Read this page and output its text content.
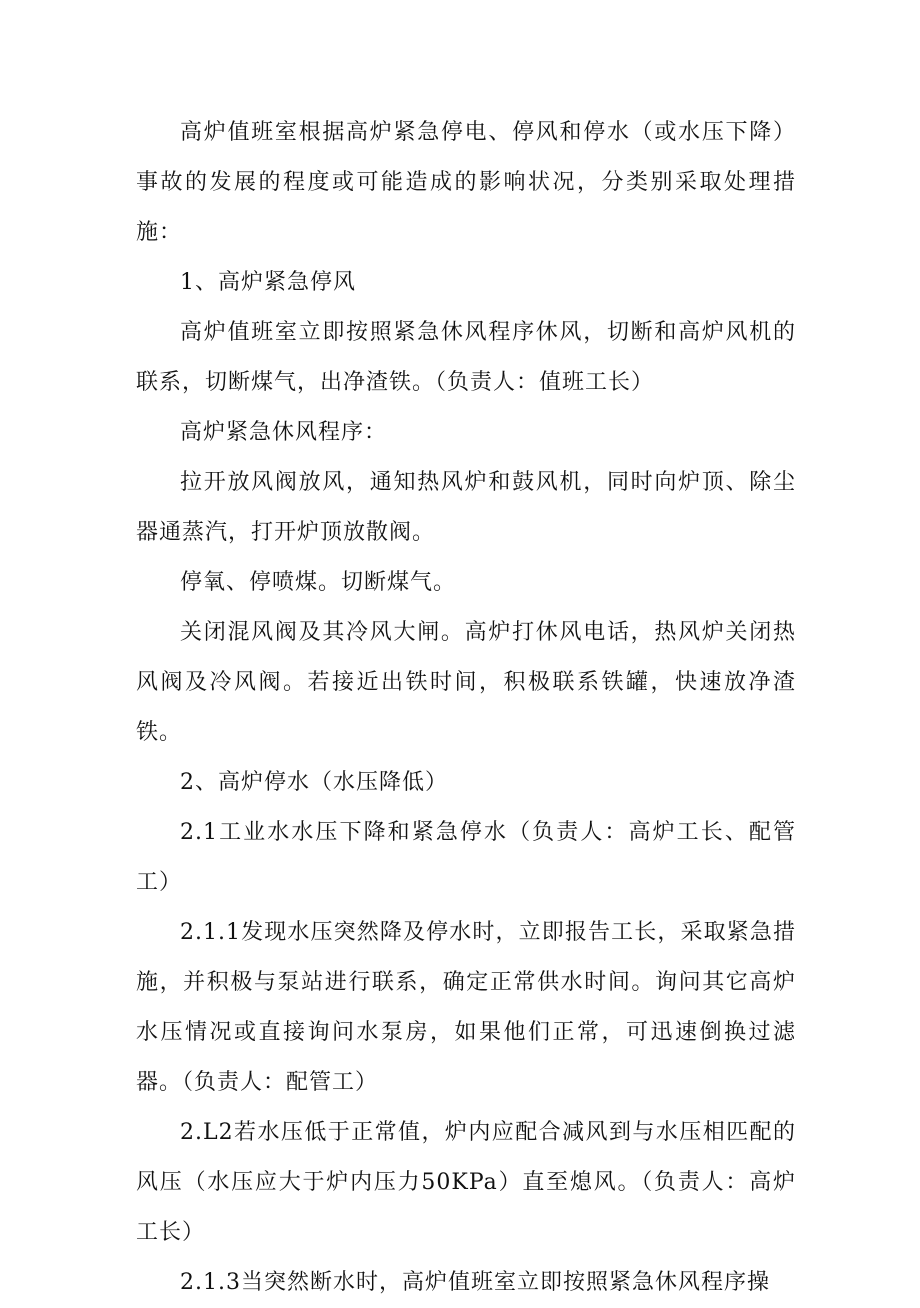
高炉值班室根据高炉紧急停电、停风和停水（或水压下降）事故的发展的程度或可能造成的影响状况，分类别采取处理措施：

1、高炉紧急停风

高炉值班室立即按照紧急休风程序休风，切断和高炉风机的联系，切断煤气，出净渣铁。（负责人：值班工长）

高炉紧急休风程序：

拉开放风阀放风，通知热风炉和鼓风机，同时向炉顶、除尘器通蒸汽，打开炉顶放散阀。

停氧、停喷煤。切断煤气。

关闭混风阀及其冷风大闸。高炉打休风电话，热风炉关闭热风阀及冷风阀。若接近出铁时间，积极联系铁罐，快速放净渣铁。

2、高炉停水（水压降低）

2.1工业水水压下降和紧急停水（负责人：高炉工长、配管工）

2.1.1发现水压突然降及停水时，立即报告工长，采取紧急措施，并积极与泵站进行联系，确定正常供水时间。询问其它高炉水压情况或直接询问水泵房，如果他们正常，可迅速倒换过滤器。（负责人：配管工）

2.L2若水压低于正常值，炉内应配合减风到与水压相匹配的风压（水压应大于炉内压力50KPa）直至熄风。（负责人：高炉工长）

2.1.3当突然断水时，高炉值班室立即按照紧急休风程序操
